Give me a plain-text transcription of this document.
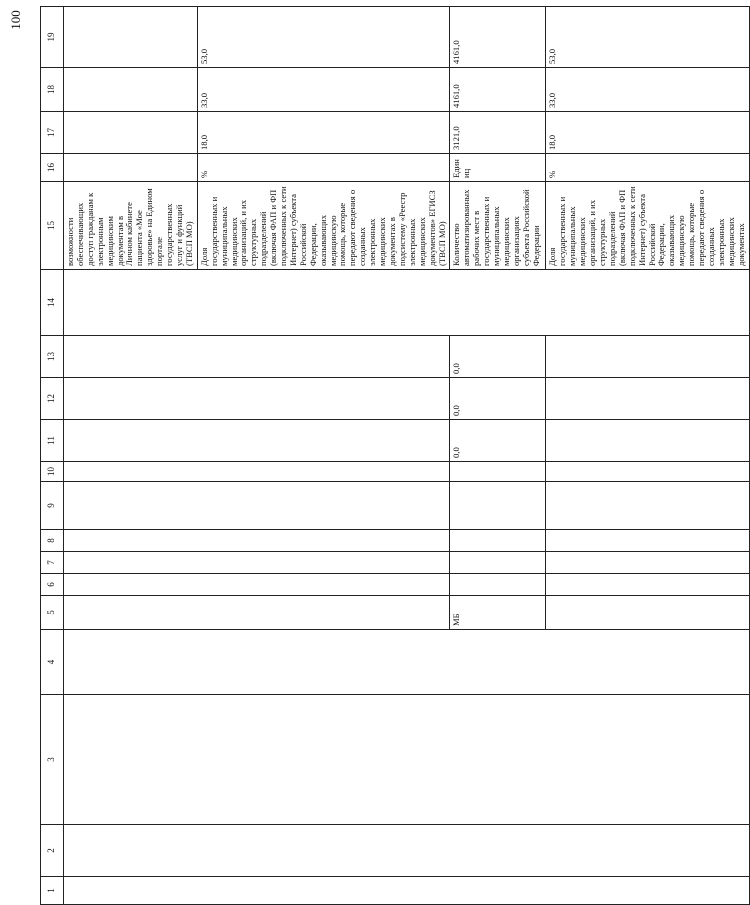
100
1	2	3	4	5	6	7	8	9	10	11	12	13	14	15	16	17	18	19
														возможности обеспечивающих доступ гражданам к электронным медицинским документам в Личном кабинете пациента «Мое здоровье» на Едином портале государственных услуг и функций (ТВСП МО)				
														Доля государственных и муниципальных медицинских организаций, и их структурных подразделений (включая ФАП и ФП подключенных к сети Интернет) субъекта Российской Федерации, оказывающих медицинскую помощь, которые передают сведения о созданных электронных медицинских документах в подсистему «Реестр электронных медицинских документов» ЕГИСЗ (ТВСП МО)	%	18,0	33,0	53,0
				МБ						0,0	0,0	0,0		Количество автоматизированных рабочих мест в государственных и муниципальных медицинских организациях субъекта Российской Федерации	Единиц	3121,0	4161,0	4161,0
														Доля государственных и муниципальных медицинских организаций, и их структурных подразделений (включая ФАП и ФП подключенных к сети Интернет) субъекта Российской Федерации, оказывающих медицинскую помощь, которые передают сведения о созданных электронных медицинских документах	%	18,0	33,0	53,0
